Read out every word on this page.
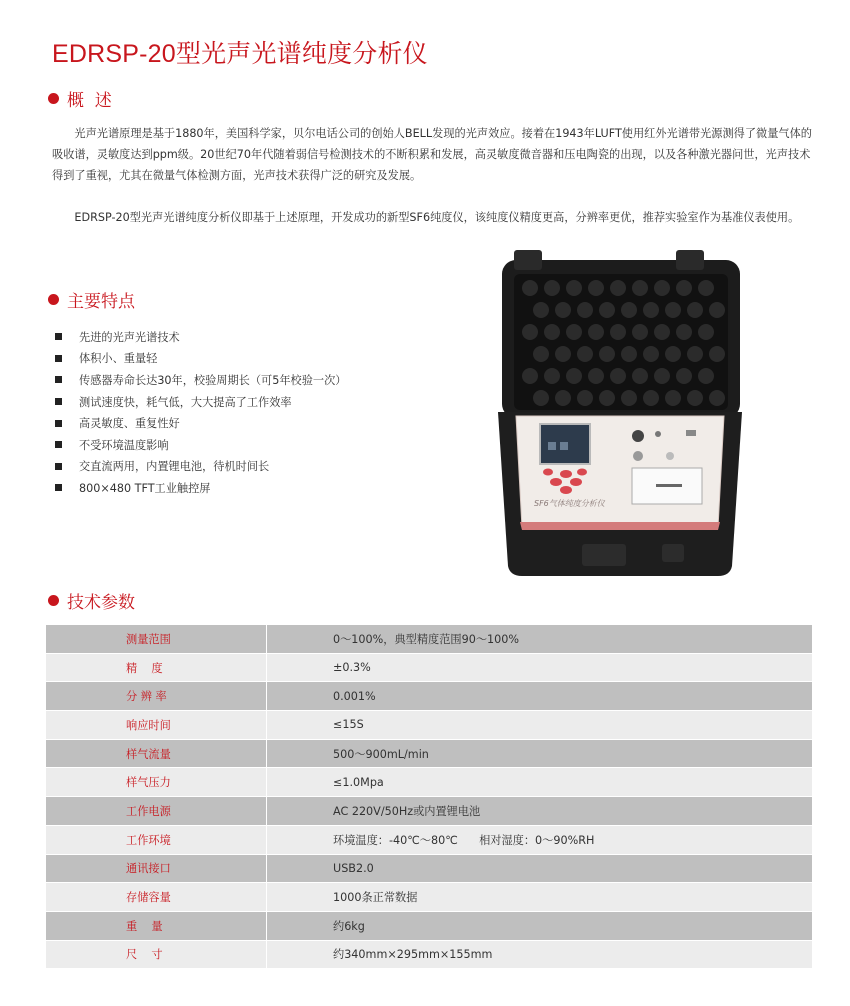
EDRSP-20型光声光谱纯度分析仪
概  述

光声光谱原理是基于1880年，美国科学家，贝尔电话公司的创始人BELL发现的光声效应。接着在1943年LUFT使用红外光谱带光源测得了微量气体的吸收谱，灵敏度达到ppm级。20世纪70年代随着弱信号检测技术的不断积累和发展，高灵敏度微音器和压电陶瓷的出现，以及各种激光器问世，光声技术得到了重视，尤其在微量气体检测方面，光声技术获得广泛的研究及发展。

EDRSP-20型光声光谱纯度分析仪即基于上述原理，开发成功的新型SF6纯度仪，该纯度仪精度更高，分辨率更优，推荐实验室作为基准仪表使用。

主要特点
先进的光声光谱技术
体积小、重量轻
传感器寿命长达30年，校验周期长（可5年校验一次）
测试速度快，耗气低，大大提高了工作效率
高灵敏度、重复性好
不受环境温度影响
交直流两用，内置锂电池，待机时间长
800×480 TFT工业触控屏
SF6气体纯度分析仪
技术参数
测量范围		0～100%，典型精度范围90～100%
精    度		±0.3%
分 辨 率		0.001%
响应时间		≤15S
样气流量		500～900mL/min
样气压力		≤1.0Mpa
工作电源		AC 220V/50Hz或内置锂电池
工作环境		环境温度：-40℃～80℃      相对湿度：0～90%RH
通讯接口		USB2.0
存储容量		1000条正常数据
重    量		约6kg
尺    寸		约340mm×295mm×155mm
